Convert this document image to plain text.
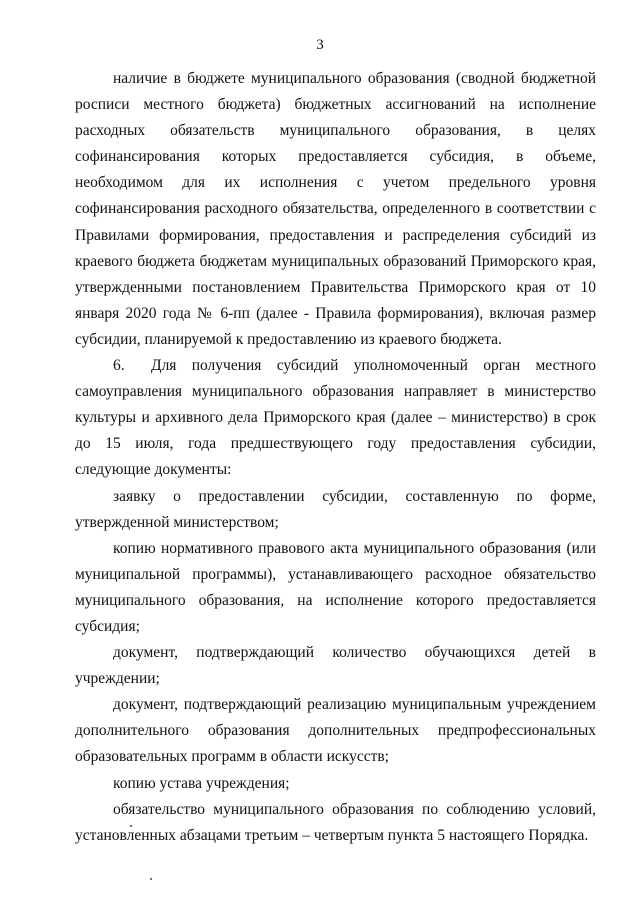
3

наличие в бюджете муниципального образования (сводной бюджетной росписи местного бюджета) бюджетных ассигнований на исполнение расходных обязательств муниципального образования, в целях софинансирования которых предоставляется субсидия, в объеме, необходимом для их исполнения с учетом предельного уровня софинансирования расходного обязательства, определенного в соответствии с Правилами формирования, предоставления и распределения субсидий из краевого бюджета бюджетам муниципальных образований Приморского края, утвержденными постановлением Правительства Приморского края от 10 января 2020 года № 6-пп (далее - Правила формирования), включая размер субсидии, планируемой к предоставлению из краевого бюджета.

6. Для получения субсидий уполномоченный орган местного самоуправления муниципального образования направляет в министерство культуры и архивного дела Приморского края (далее – министерство) в срок до 15 июля, года предшествующего году предоставления субсидии, следующие документы:

заявку о предоставлении субсидии, составленную по форме, утвержденной министерством;

копию нормативного правового акта муниципального образования (или муниципальной программы), устанавливающего расходное обязательство муниципального образования, на исполнение которого предоставляется субсидия;

документ, подтверждающий количество обучающихся детей в учреждении;

документ, подтверждающий реализацию муниципальным учреждением дополнительного образования дополнительных предпрофессиональных образовательных программ в области искусств;

копию устава учреждения;

обязательство муниципального образования по соблюдению условий, установленных абзацами третьим – четвертым пункта 5 настоящего Порядка.
